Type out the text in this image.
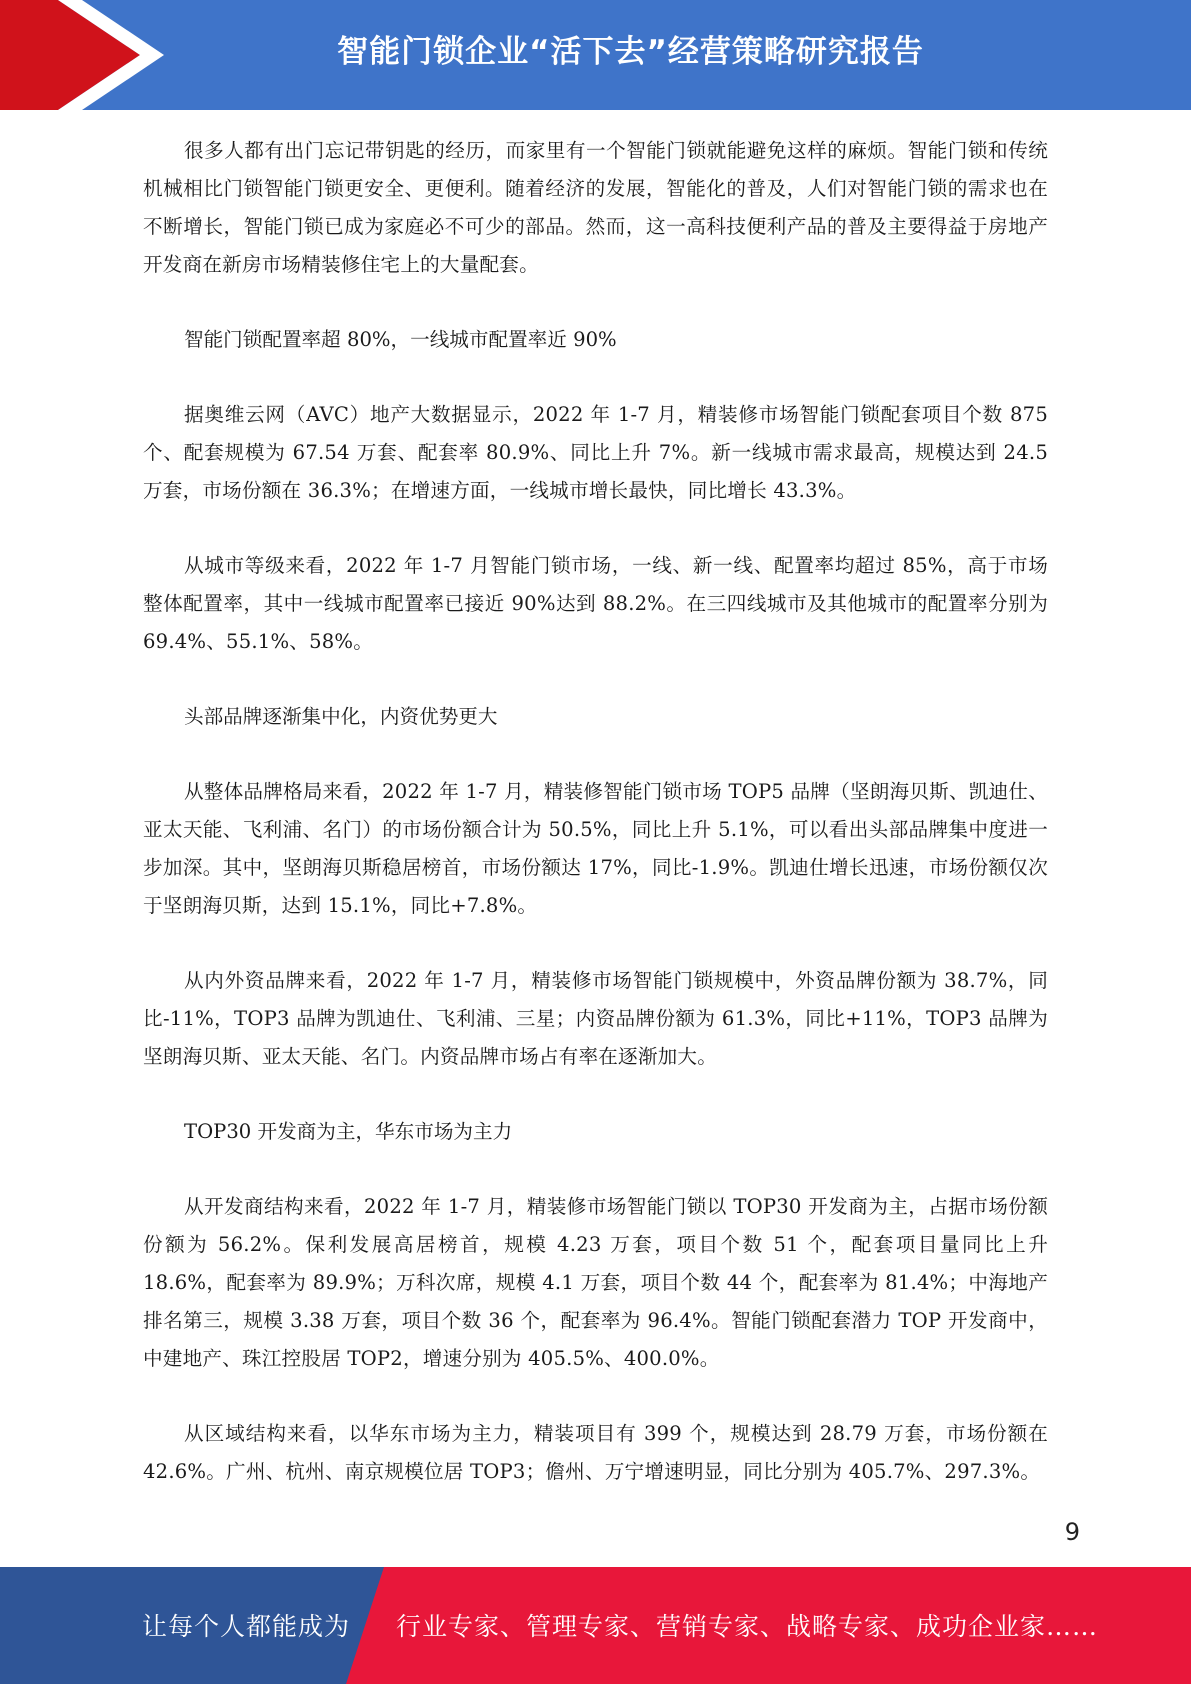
智能门锁企业“活下去”经营策略研究报告

很多人都有出门忘记带钥匙的经历，而家里有一个智能门锁就能避免这样的麻烦。智能门锁和传统机械相比门锁智能门锁更安全、更便利。随着经济的发展，智能化的普及，人们对智能门锁的需求也在不断增长，智能门锁已成为家庭必不可少的部品。然而，这一高科技便利产品的普及主要得益于房地产开发商在新房市场精装修住宅上的大量配套。

智能门锁配置率超 80%，一线城市配置率近 90%

据奥维云网（AVC）地产大数据显示，2022 年 1-7 月，精装修市场智能门锁配套项目个数 875 个、配套规模为 67.54 万套、配套率 80.9%、同比上升 7%。新一线城市需求最高，规模达到 24.5 万套，市场份额在 36.3%；在增速方面，一线城市增长最快，同比增长 43.3%。

从城市等级来看，2022 年 1-7 月智能门锁市场，一线、新一线、配置率均超过 85%，高于市场整体配置率，其中一线城市配置率已接近 90%达到 88.2%。在三四线城市及其他城市的配置率分别为 69.4%、55.1%、58%。

头部品牌逐渐集中化，内资优势更大

从整体品牌格局来看，2022 年 1-7 月，精装修智能门锁市场 TOP5 品牌（坚朗海贝斯、凯迪仕、亚太天能、飞利浦、名门）的市场份额合计为 50.5%，同比上升 5.1%，可以看出头部品牌集中度进一步加深。其中，坚朗海贝斯稳居榜首，市场份额达 17%，同比-1.9%。凯迪仕增长迅速，市场份额仅次于坚朗海贝斯，达到 15.1%，同比+7.8%。

从内外资品牌来看，2022 年 1-7 月，精装修市场智能门锁规模中，外资品牌份额为 38.7%，同比-11%，TOP3 品牌为凯迪仕、飞利浦、三星；内资品牌份额为 61.3%，同比+11%，TOP3 品牌为坚朗海贝斯、亚太天能、名门。内资品牌市场占有率在逐渐加大。

TOP30 开发商为主，华东市场为主力

从开发商结构来看，2022 年 1-7 月，精装修市场智能门锁以 TOP30 开发商为主，占据市场份额份额为 56.2%。保利发展高居榜首，规模 4.23 万套，项目个数 51 个，配套项目量同比上升 18.6%，配套率为 89.9%；万科次席，规模 4.1 万套，项目个数 44 个，配套率为 81.4%；中海地产排名第三，规模 3.38 万套，项目个数 36 个，配套率为 96.4%。智能门锁配套潜力 TOP 开发商中，中建地产、珠江控股居 TOP2，增速分别为 405.5%、400.0%。

从区域结构来看，以华东市场为主力，精装项目有 399 个，规模达到 28.79 万套，市场份额在 42.6%。广州、杭州、南京规模位居 TOP3；儋州、万宁增速明显，同比分别为 405.7%、297.3%。

9
让每个人都能成为 行业专家、管理专家、营销专家、战略专家、成功企业家……
